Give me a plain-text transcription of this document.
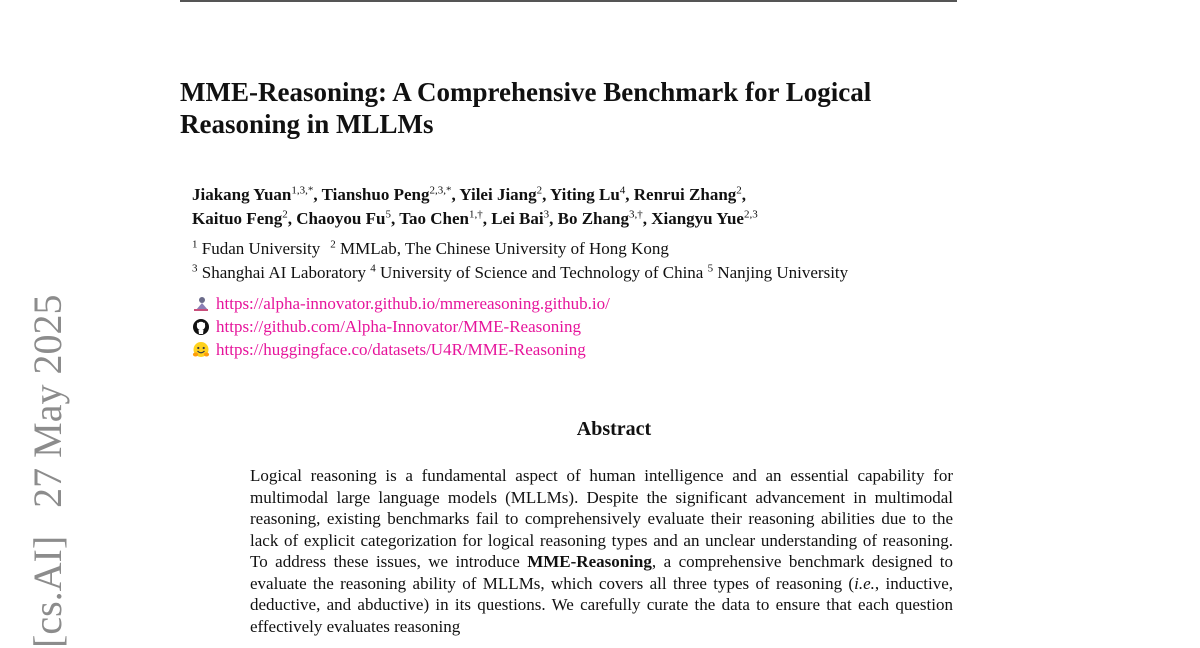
[cs.AI]27 May 2025
MME-Reasoning: A Comprehensive Benchmark for Logical
Reasoning in MLLMs
Jiakang Yuan$^{1,3,*}$, Tianshuo Peng$^{2,3,*}$, Yilei Jiang$^2$, Yiting Lu$^4$, Renrui Zhang$^2$,
Kaituo Feng$^2$, Chaoyou Fu$^5$, Tao Chen$^{1,\dagger}$, Lei Bai$^3$, Bo Zhang$^{3,\dagger}$, Xiangyu Yue$^{2,3}$
$^1$ Fudan University $^2$ MMLab, The Chinese University of Hong Kong
$^3$ Shanghai AI Laboratory $^4$ University of Science and Technology of China $^5$ Nanjing University
https://alpha-innovator.github.io/mmereasoning.github.io/
https://github.com/Alpha-Innovator/MME-Reasoning
https://huggingface.co/datasets/U4R/MME-Reasoning
Abstract

Logical reasoning is a fundamental aspect of human intelligence and an essential capability for multimodal large language models (MLLMs). Despite the significant advancement in multimodal reasoning, existing benchmarks fail to comprehensively evaluate their reasoning abilities due to the lack of explicit categorization for logical reasoning types and an unclear understanding of reasoning. To address these issues, we introduce MME-Reasoning, a comprehensive benchmark designed to evaluate the reasoning ability of MLLMs, which covers all three types of reasoning (i.e., inductive, deductive, and abductive) in its questions. We carefully curate the data to ensure that each question effectively evaluates reasoning
